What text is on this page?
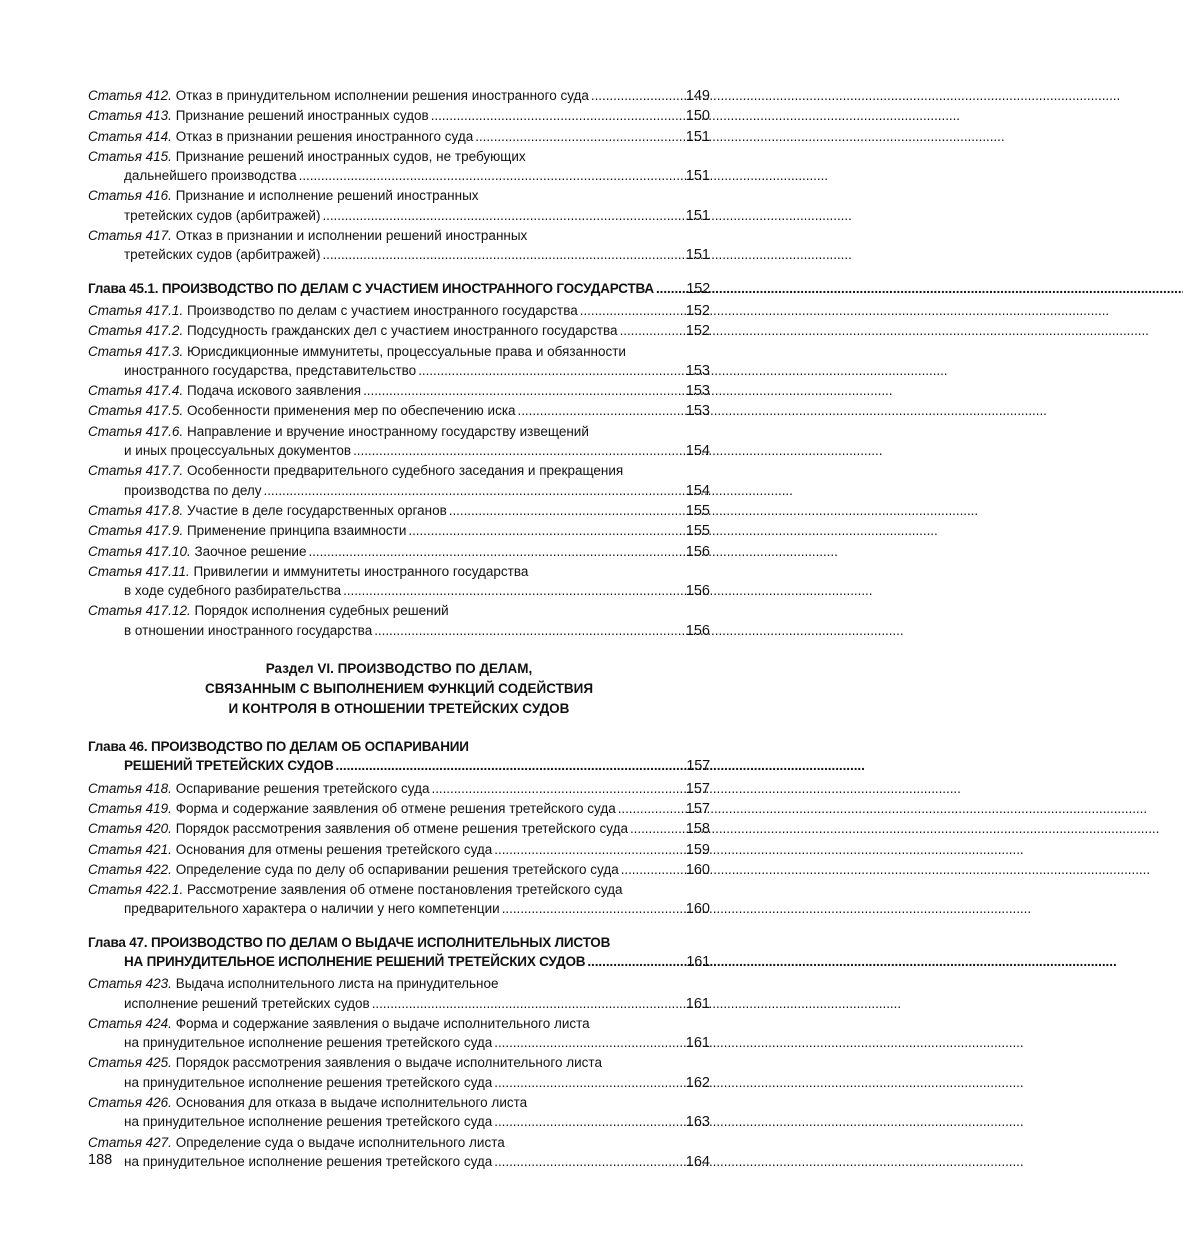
Статья 412. Отказ в принудительном исполнении решения иностранного суда . . .	149
Статья 413. Признание решений иностранных судов . . .	150
Статья 414. Отказ в признании решения иностранного суда . . .	151
Статья 415. Признание решений иностранных судов, не требующих
дальнейшего производства . . .	151
Статья 416. Признание и исполнение решений иностранных
третейских судов (арбитражей) . . .	151
Статья 417. Отказ в признании и исполнении решений иностранных
третейских судов (арбитражей) . . .	151
Глава 45.1. ПРОИЗВОДСТВО ПО ДЕЛАМ С УЧАСТИЕМ ИНОСТРАННОГО ГОСУДАРСТВА . . . 152
Статья 417.1. Производство по делам с участием иностранного государства . . .	152
Статья 417.2. Подсудность гражданских дел с участием иностранного государства . . .	152
Статья 417.3. Юрисдикционные иммунитеты, процессуальные права и обязанности
иностранного государства, представительство . . .	153
Статья 417.4. Подача искового заявления . . .	153
Статья 417.5. Особенности применения мер по обеспечению иска . . .	153
Статья 417.6. Направление и вручение иностранному государству извещений
и иных процессуальных документов . . .	154
Статья 417.7. Особенности предварительного судебного заседания и прекращения
производства по делу . . .	154
Статья 417.8. Участие в деле государственных органов . . .	155
Статья 417.9. Применение принципа взаимности . . .	155
Статья 417.10. Заочное решение . . .	156
Статья 417.11. Привилегии и иммунитеты иностранного государства
в ходе судебного разбирательства . . .	156
Статья 417.12. Порядок исполнения судебных решений
в отношении иностранного государства . . .	156
Раздел VI. ПРОИЗВОДСТВО ПО ДЕЛАМ,
СВЯЗАННЫМ С ВЫПОЛНЕНИЕМ ФУНКЦИЙ СОДЕЙСТВИЯ
И КОНТРОЛЯ В ОТНОШЕНИИ ТРЕТЕЙСКИХ СУДОВ
Глава 46. ПРОИЗВОДСТВО ПО ДЕЛАМ ОБ ОСПАРИВАНИИ
РЕШЕНИЙ ТРЕТЕЙСКИХ СУДОВ . . .	157
Статья 418. Оспаривание решения третейского суда . . .	157
Статья 419. Форма и содержание заявления об отмене решения третейского суда . . .	157
Статья 420. Порядок рассмотрения заявления об отмене решения третейского суда . . .	158
Статья 421. Основания для отмены решения третейского суда . . .	159
Статья 422. Определение суда по делу об оспаривании решения третейского суда . . .	160
Статья 422.1. Рассмотрение заявления об отмене постановления третейского суда
предварительного характера о наличии у него компетенции . . .	160
Глава 47. ПРОИЗВОДСТВО ПО ДЕЛАМ О ВЫДАЧЕ ИСПОЛНИТЕЛЬНЫХ ЛИСТОВ
НА ПРИНУДИТЕЛЬНОЕ ИСПОЛНЕНИЕ РЕШЕНИЙ ТРЕТЕЙСКИХ СУДОВ . . .	161
Статья 423. Выдача исполнительного листа на принудительное
исполнение решений третейских судов . . .	161
Статья 424. Форма и содержание заявления о выдаче исполнительного листа
на принудительное исполнение решения третейского суда . . .	161
Статья 425. Порядок рассмотрения заявления о выдаче исполнительного листа
на принудительное исполнение решения третейского суда . . .	162
Статья 426. Основания для отказа в выдаче исполнительного листа
на принудительное исполнение решения третейского суда . . .	163
Статья 427. Определение суда о выдаче исполнительного листа
на принудительное исполнение решения третейского суда . . .	164
188
